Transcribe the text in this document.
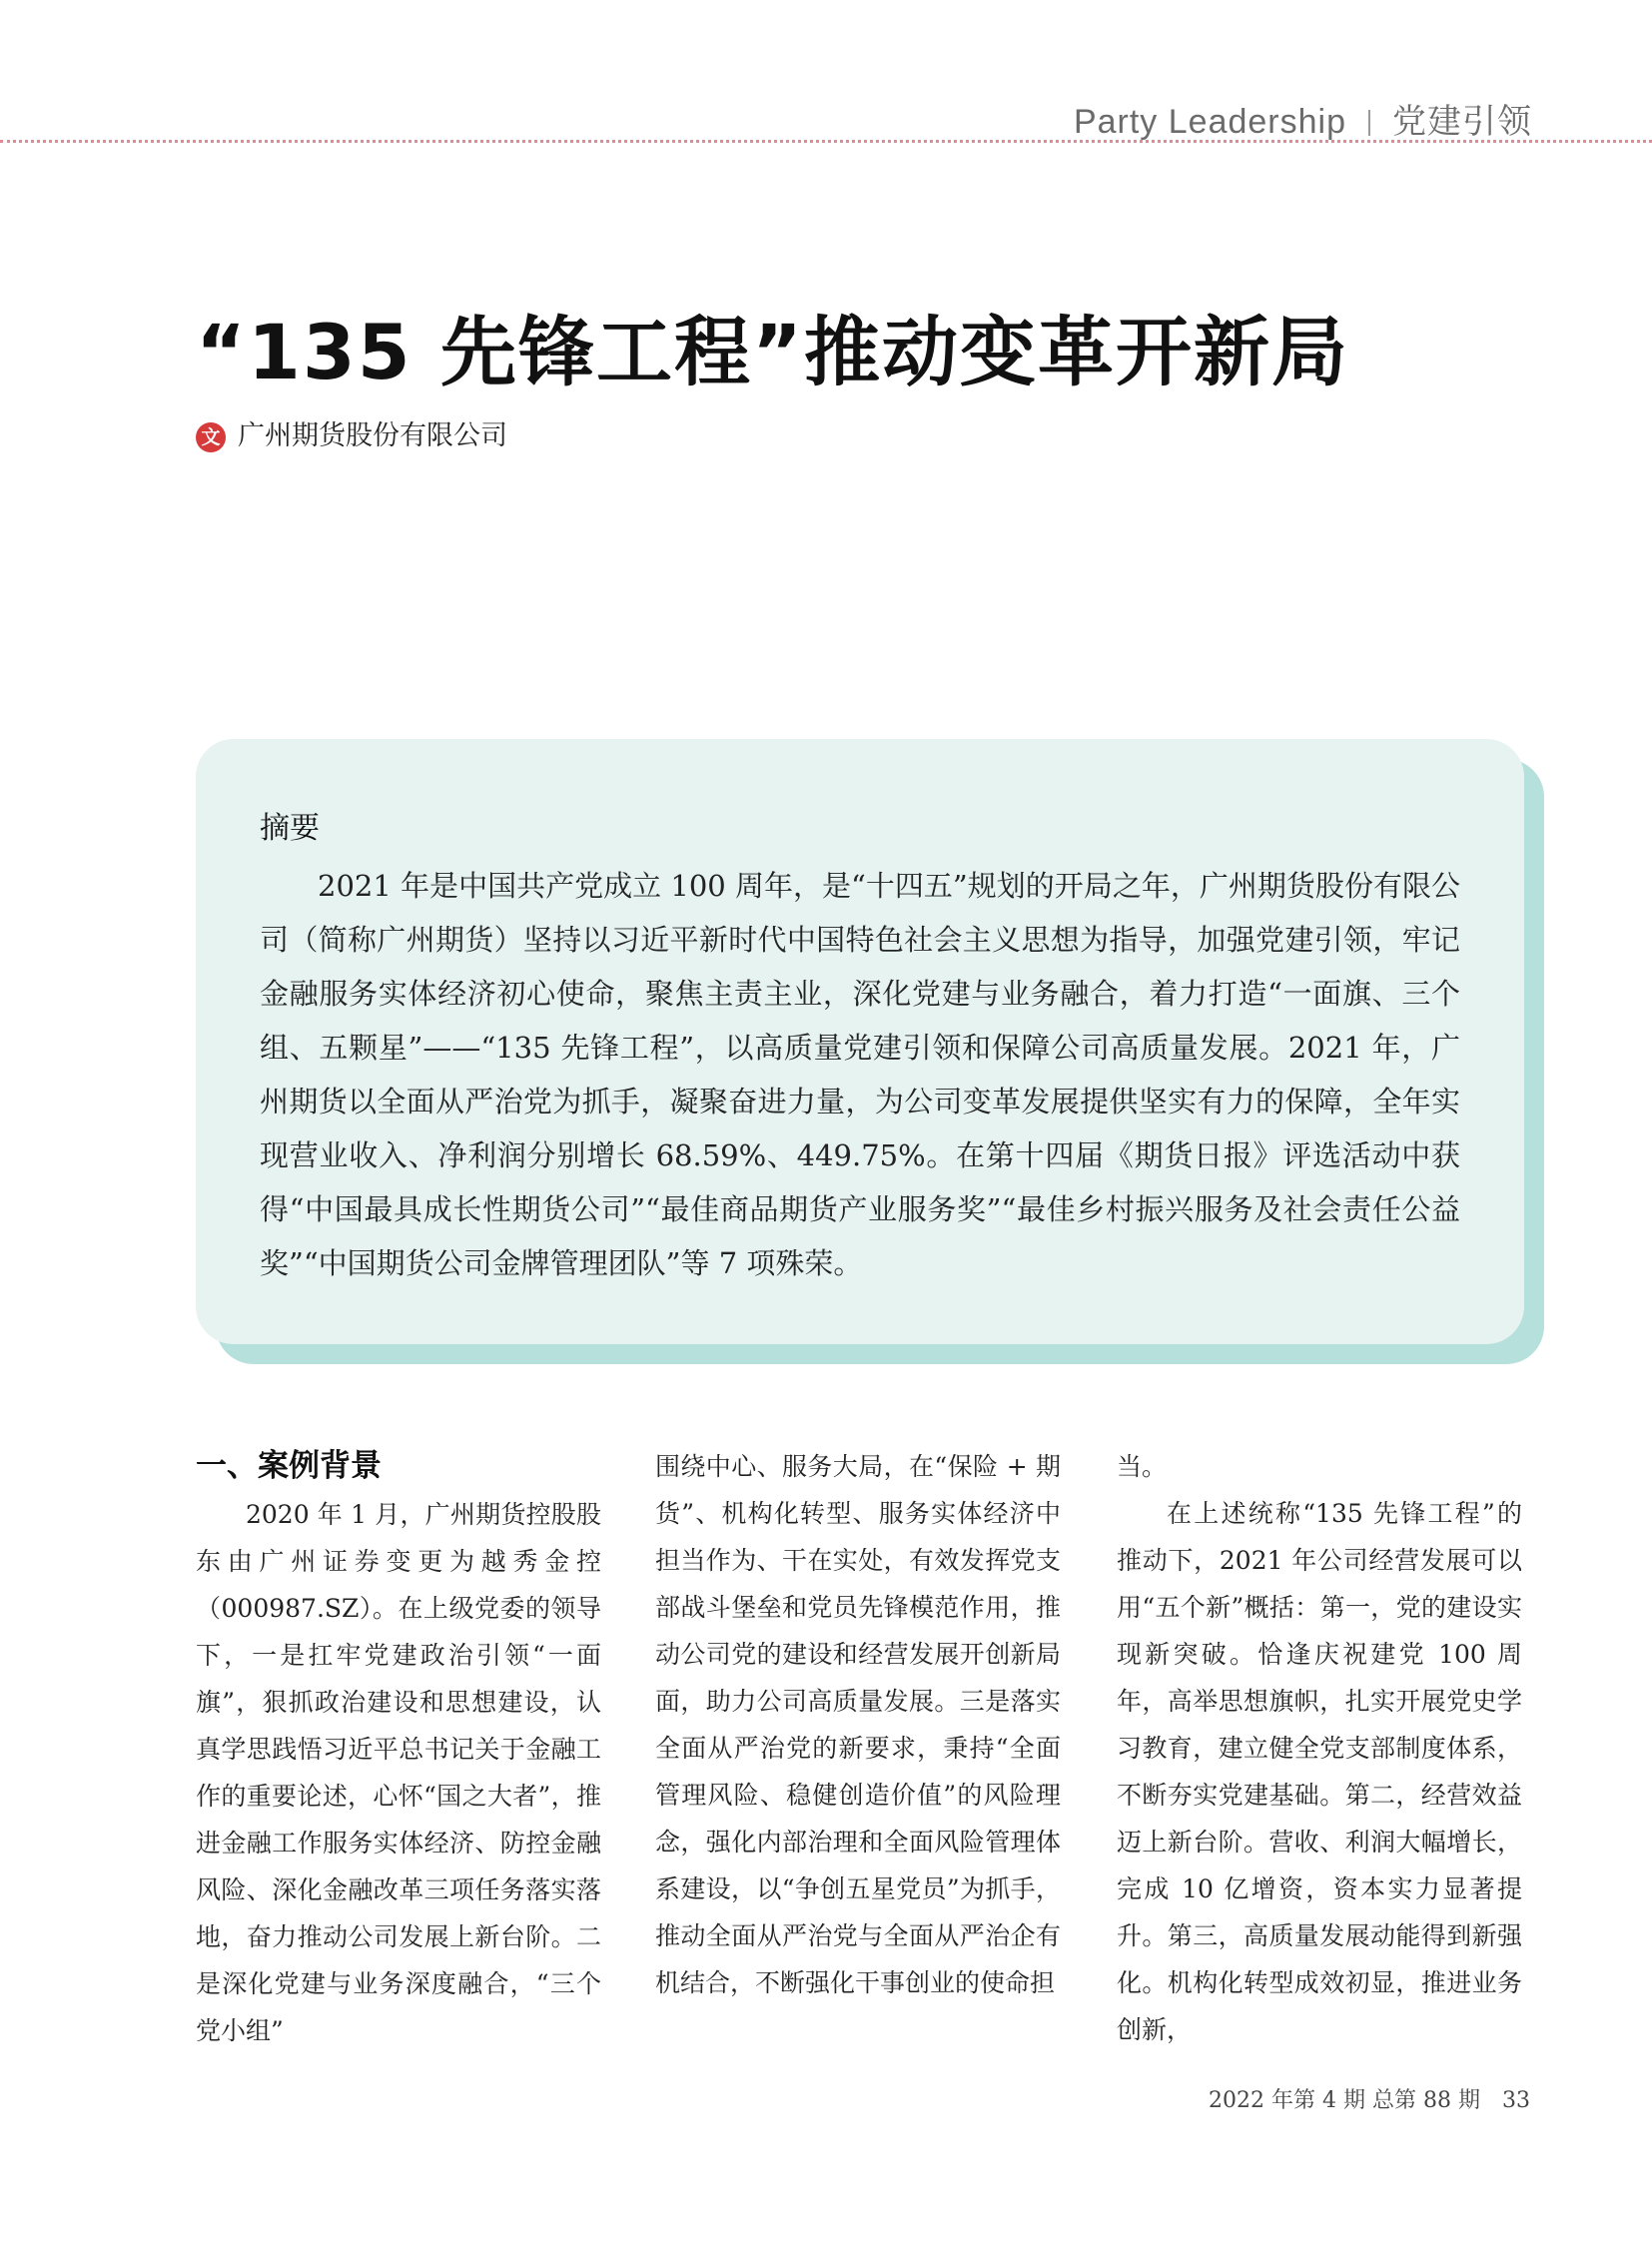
Party Leadership 党建引领
“135 先锋工程”推动变革开新局
文 广州期货股份有限公司
摘要

2021 年是中国共产党成立 100 周年，是“十四五”规划的开局之年，广州期货股份有限公司（简称广州期货）坚持以习近平新时代中国特色社会主义思想为指导，加强党建引领，牢记金融服务实体经济初心使命，聚焦主责主业，深化党建与业务融合，着力打造“一面旗、三个组、五颗星”——“135 先锋工程”，以高质量党建引领和保障公司高质量发展。2021 年，广州期货以全面从严治党为抓手，凝聚奋进力量，为公司变革发展提供坚实有力的保障，全年实现营业收入、净利润分别增长 68.59%、449.75%。在第十四届《期货日报》评选活动中获得“中国最具成长性期货公司”“最佳商品期货产业服务奖”“最佳乡村振兴服务及社会责任公益奖”“中国期货公司金牌管理团队”等 7 项殊荣。

一、案例背景

2020 年 1 月，广州期货控股股东由广州证券变更为越秀金控（000987.SZ）。在上级党委的领导下，一是扛牢党建政治引领“一面旗”，狠抓政治建设和思想建设，认真学思践悟习近平总书记关于金融工作的重要论述，心怀“国之大者”，推进金融工作服务实体经济、防控金融风险、深化金融改革三项任务落实落地，奋力推动公司发展上新台阶。二是深化党建与业务深度融合，“三个党小组”

围绕中心、服务大局，在“保险 + 期货”、机构化转型、服务实体经济中担当作为、干在实处，有效发挥党支部战斗堡垒和党员先锋模范作用，推动公司党的建设和经营发展开创新局面，助力公司高质量发展。三是落实全面从严治党的新要求，秉持“全面管理风险、稳健创造价值”的风险理念，强化内部治理和全面风险管理体系建设，以“争创五星党员”为抓手，推动全面从严治党与全面从严治企有机结合，不断强化干事创业的使命担

当。

在上述统称“135 先锋工程”的推动下，2021 年公司经营发展可以用“五个新”概括：第一，党的建设实现新突破。恰逢庆祝建党 100 周年，高举思想旗帜，扎实开展党史学习教育，建立健全党支部制度体系，不断夯实党建基础。第二，经营效益迈上新台阶。营收、利润大幅增长，完成 10 亿增资，资本实力显著提升。第三，高质量发展动能得到新强化。机构化转型成效初显，推进业务创新，

2022 年第 4 期 总第 88 期 33
